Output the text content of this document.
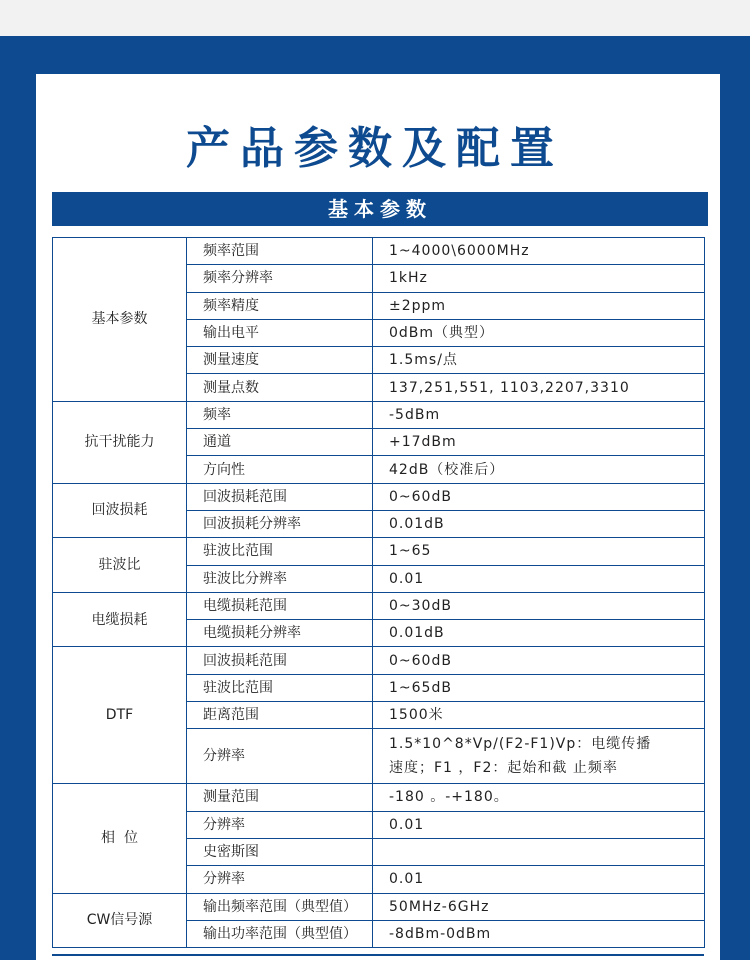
产品参数及配置
基本参数
基本参数	频率范围	1~4000\6000MHz
	频率分辨率	1kHz
	频率精度	±2ppm
	输出电平	0dBm（典型）
	测量速度	1.5ms/点
	测量点数	137,251,551, 1103,2207,3310
抗干扰能力	频率	-5dBm
	通道	+17dBm
	方向性	42dB（校准后）
回波损耗	回波损耗范围	0~60dB
	回波损耗分辨率	0.01dB
驻波比	驻波比范围	1~65
	驻波比分辨率	0.01
电缆损耗	电缆损耗范围	0~30dB
	电缆损耗分辨率	0.01dB
DTF	回波损耗范围	0~60dB
	驻波比范围	1~65dB
	距离范围	1500米
	分辨率	1.5*10^8*Vp/(F2-F1)Vp：电缆传播
速度；F1 ，F2：起始和截 止频率

相  位	测量范围	-180 。-+180。
	分辨率	0.01
	史密斯图	
	分辨率	0.01
CW信号源	输出频率范围（典型值）	50MHz-6GHz
	输出功率范围（典型值）	-8dBm-0dBm
